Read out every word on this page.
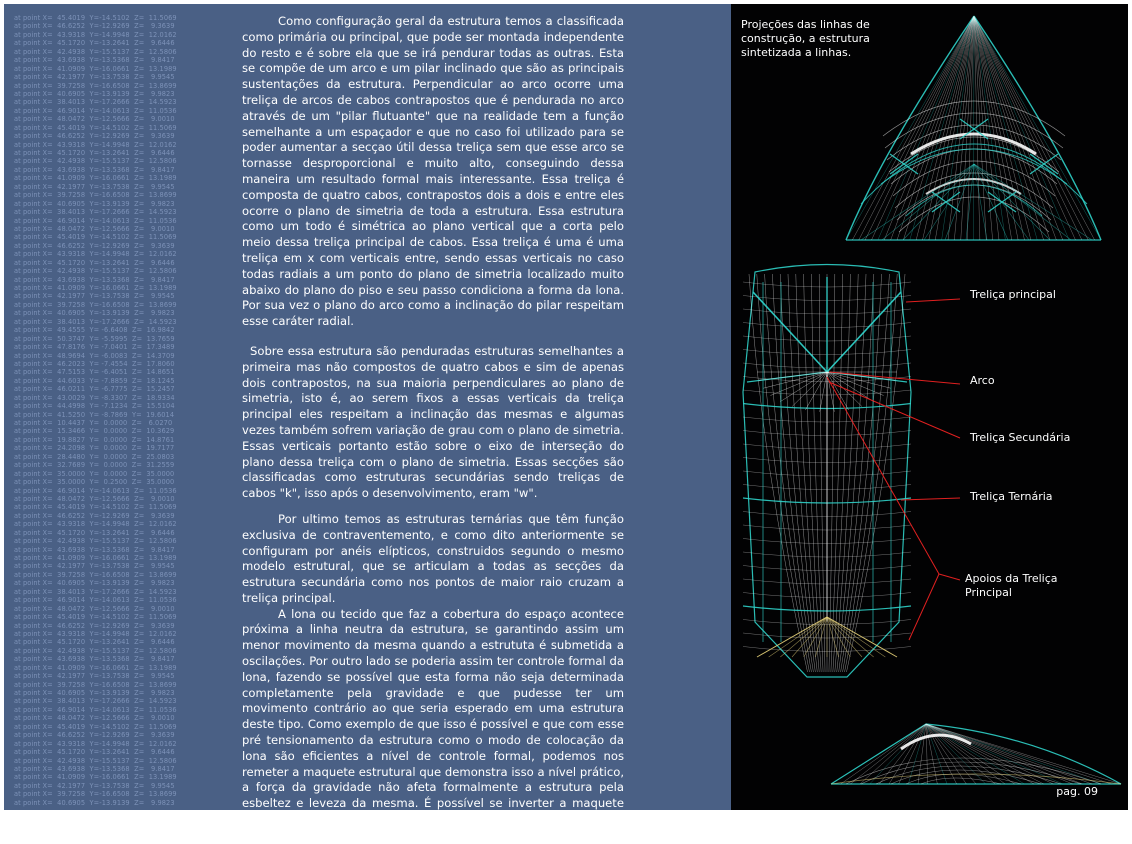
at point X=  45.4019  Y=-14.5102  Z=  11.5069
at point X=  46.6252  Y=-12.9269  Z=   9.3639
at point X=  43.9318  Y=-14.9948  Z=  12.0162
at point X=  45.1720  Y=-13.2641  Z=   9.6446
at point X=  42.4938  Y=-15.5137  Z=  12.5806
at point X=  43.6938  Y=-13.5368  Z=   9.8417
at point X=  41.0909  Y=-16.0661  Z=  13.1989
at point X=  42.1977  Y=-13.7538  Z=   9.9545
at point X=  39.7258  Y=-16.6508  Z=  13.8699
at point X=  40.6905  Y=-13.9139  Z=   9.9823
at point X=  38.4013  Y=-17.2666  Z=  14.5923
at point X=  46.9014  Y=-14.0613  Z=  11.0536
at point X=  48.0472  Y=-12.5666  Z=   9.0010
at point X=  45.4019  Y=-14.5102  Z=  11.5069
at point X=  46.6252  Y=-12.9269  Z=   9.3639
at point X=  43.9318  Y=-14.9948  Z=  12.0162
at point X=  45.1720  Y=-13.2641  Z=   9.6446
at point X=  42.4938  Y=-15.5137  Z=  12.5806
at point X=  43.6938  Y=-13.5368  Z=   9.8417
at point X=  41.0909  Y=-16.0661  Z=  13.1989
at point X=  42.1977  Y=-13.7538  Z=   9.9545
at point X=  39.7258  Y=-16.6508  Z=  13.8699
at point X=  40.6905  Y=-13.9139  Z=   9.9823
at point X=  38.4013  Y=-17.2666  Z=  14.5923
at point X=  46.9014  Y=-14.0613  Z=  11.0536
at point X=  48.0472  Y=-12.5666  Z=   9.0010
at point X=  45.4019  Y=-14.5102  Z=  11.5069
at point X=  46.6252  Y=-12.9269  Z=   9.3639
at point X=  43.9318  Y=-14.9948  Z=  12.0162
at point X=  45.1720  Y=-13.2641  Z=   9.6446
at point X=  42.4938  Y=-15.5137  Z=  12.5806
at point X=  43.6938  Y=-13.5368  Z=   9.8417
at point X=  41.0909  Y=-16.0661  Z=  13.1989
at point X=  42.1977  Y=-13.7538  Z=   9.9545
at point X=  39.7258  Y=-16.6508  Z=  13.8699
at point X=  40.6905  Y=-13.9139  Z=   9.9823
at point X=  38.4013  Y=-17.2666  Z=  14.5923
at point X=  49.4555  Y= -6.6408  Z=  16.9842
at point X=  50.3747  Y= -5.5995  Z=  13.7659
at point X=  47.8176  Y= -7.0401  Z=  17.3489
at point X=  48.9694  Y= -6.0083  Z=  14.3709
at point X=  46.2023  Y= -7.4554  Z=  17.8060
at point X=  47.5153  Y= -6.4051  Z=  14.8651
at point X=  44.6033  Y= -7.8859  Z=  18.1245
at point X=  46.0211  Y= -6.7775  Z=  15.2457
at point X=  43.0029  Y= -8.3307  Z=  18.9334
at point X=  44.4998  Y= -7.1234  Z=  15.5104
at point X=  41.5250  Y= -8.7869  Y=  19.6014
at point X=  10.4437  Y=  0.0000  Z=   6.0270
at point X=  15.3466  Y=  0.0000  Z=  10.3629
at point X=  19.8827  Y=  0.0000  Z=  14.8761
at point X=  24.2098  Y=  0.0000  Z=  19.7177
at point X=  28.4480  Y=  0.0000  Z=  25.0803
at point X=  32.7689  Y=  0.0000  Z=  31.2559
at point X=  35.0000  Y=  0.0000  Z=  35.0000
at point X=  35.0000  Y=  0.2500  Z=  35.0000
at point X=  46.9014  Y=-14.0613  Z=  11.0536
at point X=  48.0472  Y=-12.5666  Z=   9.0010
at point X=  45.4019  Y=-14.5102  Z=  11.5069
at point X=  46.6252  Y=-12.9269  Z=   9.3639
at point X=  43.9318  Y=-14.9948  Z=  12.0162
at point X=  45.1720  Y=-13.2641  Z=   9.6446
at point X=  42.4938  Y=-15.5137  Z=  12.5806
at point X=  43.6938  Y=-13.5368  Z=   9.8417
at point X=  41.0909  Y=-16.0661  Z=  13.1989
at point X=  42.1977  Y=-13.7538  Z=   9.9545
at point X=  39.7258  Y=-16.6508  Z=  13.8699
at point X=  40.6905  Y=-13.9139  Z=   9.9823
at point X=  38.4013  Y=-17.2666  Z=  14.5923
at point X=  46.9014  Y=-14.0613  Z=  11.0536
at point X=  48.0472  Y=-12.5666  Z=   9.0010
at point X=  45.4019  Y=-14.5102  Z=  11.5069
at point X=  46.6252  Y=-12.9269  Z=   9.3639
at point X=  43.9318  Y=-14.9948  Z=  12.0162
at point X=  45.1720  Y=-13.2641  Z=   9.6446
at point X=  42.4938  Y=-15.5137  Z=  12.5806
at point X=  43.6938  Y=-13.5368  Z=   9.8417
at point X=  41.0909  Y=-16.0661  Z=  13.1989
at point X=  42.1977  Y=-13.7538  Z=   9.9545
at point X=  39.7258  Y=-16.6508  Z=  13.8699
at point X=  40.6905  Y=-13.9139  Z=   9.9823
at point X=  38.4013  Y=-17.2666  Z=  14.5923
at point X=  46.9014  Y=-14.0613  Z=  11.0536
at point X=  48.0472  Y=-12.5666  Z=   9.0010
at point X=  45.4019  Y=-14.5102  Z=  11.5069
at point X=  46.6252  Y=-12.9269  Z=   9.3639
at point X=  43.9318  Y=-14.9948  Z=  12.0162
at point X=  45.1720  Y=-13.2641  Z=   9.6446
at point X=  42.4938  Y=-15.5137  Z=  12.5806
at point X=  43.6938  Y=-13.5368  Z=   9.8417
at point X=  41.0909  Y=-16.0661  Z=  13.1989
at point X=  42.1977  Y=-13.7538  Z=   9.9545
at point X=  39.7258  Y=-16.6508  Z=  13.8699
at point X=  40.6905  Y=-13.9139  Z=   9.9823

Como configuração geral da estrutura temos a classificada como primária ou principal, que pode ser montada independente do resto e é sobre ela que se irá pendurar todas as outras. Esta se compõe de um arco e um pilar inclinado que são as principais sustentações da estrutura. Perpendicular ao arco ocorre uma treliça de arcos de cabos contrapostos que é pendurada no arco através de um "pilar flutuante" que na realidade tem a função semelhante a um espaçador e que no caso foi utilizado para se poder aumentar a secçao útil dessa treliça sem que esse arco se tornasse desproporcional e muito alto, conseguindo dessa maneira um resultado formal mais interessante. Essa treliça é composta de quatro cabos, contrapostos dois a dois e entre eles ocorre o plano de simetria de toda a estrutura. Essa estrutura como um todo é simétrica ao plano vertical que a corta pelo meio dessa treliça principal de cabos. Essa treliça é uma é uma treliça em x com verticais entre, sendo essas verticais no caso todas radiais a um ponto do plano de simetria localizado muito abaixo do plano do piso e seu passo condiciona a forma da lona. Por sua vez o plano do arco como a inclinação do pilar respeitam esse caráter radial.

Sobre essa estrutura são penduradas estruturas semelhantes a primeira mas não compostos de quatro cabos e sim de apenas dois contrapostos, na sua maioria perpendiculares ao plano de simetria, isto é, ao serem fixos a essas verticais da treliça principal eles respeitam a inclinação das mesmas e algumas vezes também sofrem variação de grau com o plano de simetria. Essas verticais portanto estão sobre o eixo de interseção do plano dessa treliça com o plano de simetria. Essas secções são classificadas como estruturas secundárias sendo treliças de cabos "k", isso após o desenvolvimento, eram "w".

Por ultimo temos as estruturas ternárias que têm função exclusiva de contraventemento, e como dito anteriormente se configuram por anéis elípticos, construidos segundo o mesmo modelo estrutural, que se articulam a todas as secções da estrutura secundária como nos pontos de maior raio cruzam a treliça principal.

A lona ou tecido que faz a cobertura do espaço acontece próxima a linha neutra da estrutura, se garantindo assim um menor movimento da mesma quando a estrututa é submetida a oscilações. Por outro lado se poderia assim ter controle formal da lona, fazendo se possível que esta forma não seja determinada completamente pela gravidade e que pudesse ter um movimento contrário ao que seria esperado em uma estrutura deste tipo. Como exemplo de que isso é possível e que com esse pré tensionamento da estrutura como o modo de colocação da lona são eficientes a nível de controle formal, podemos nos remeter a maquete estrutural que demonstra isso a nível prático, a força da gravidade não afeta formalmente a estrutura pela esbeltez e leveza da mesma. É possível se inverter a maquete sem que haja alteração formal pois a pré tensão no caso é superior a gerada pela gravidade.

Projeções das linhas de construção, a estrutura sintetizada a linhas.
Treliça principal
Arco
Treliça Secundária
Treliça Ternária
Apoios da Treliça Principal
pag. 09
